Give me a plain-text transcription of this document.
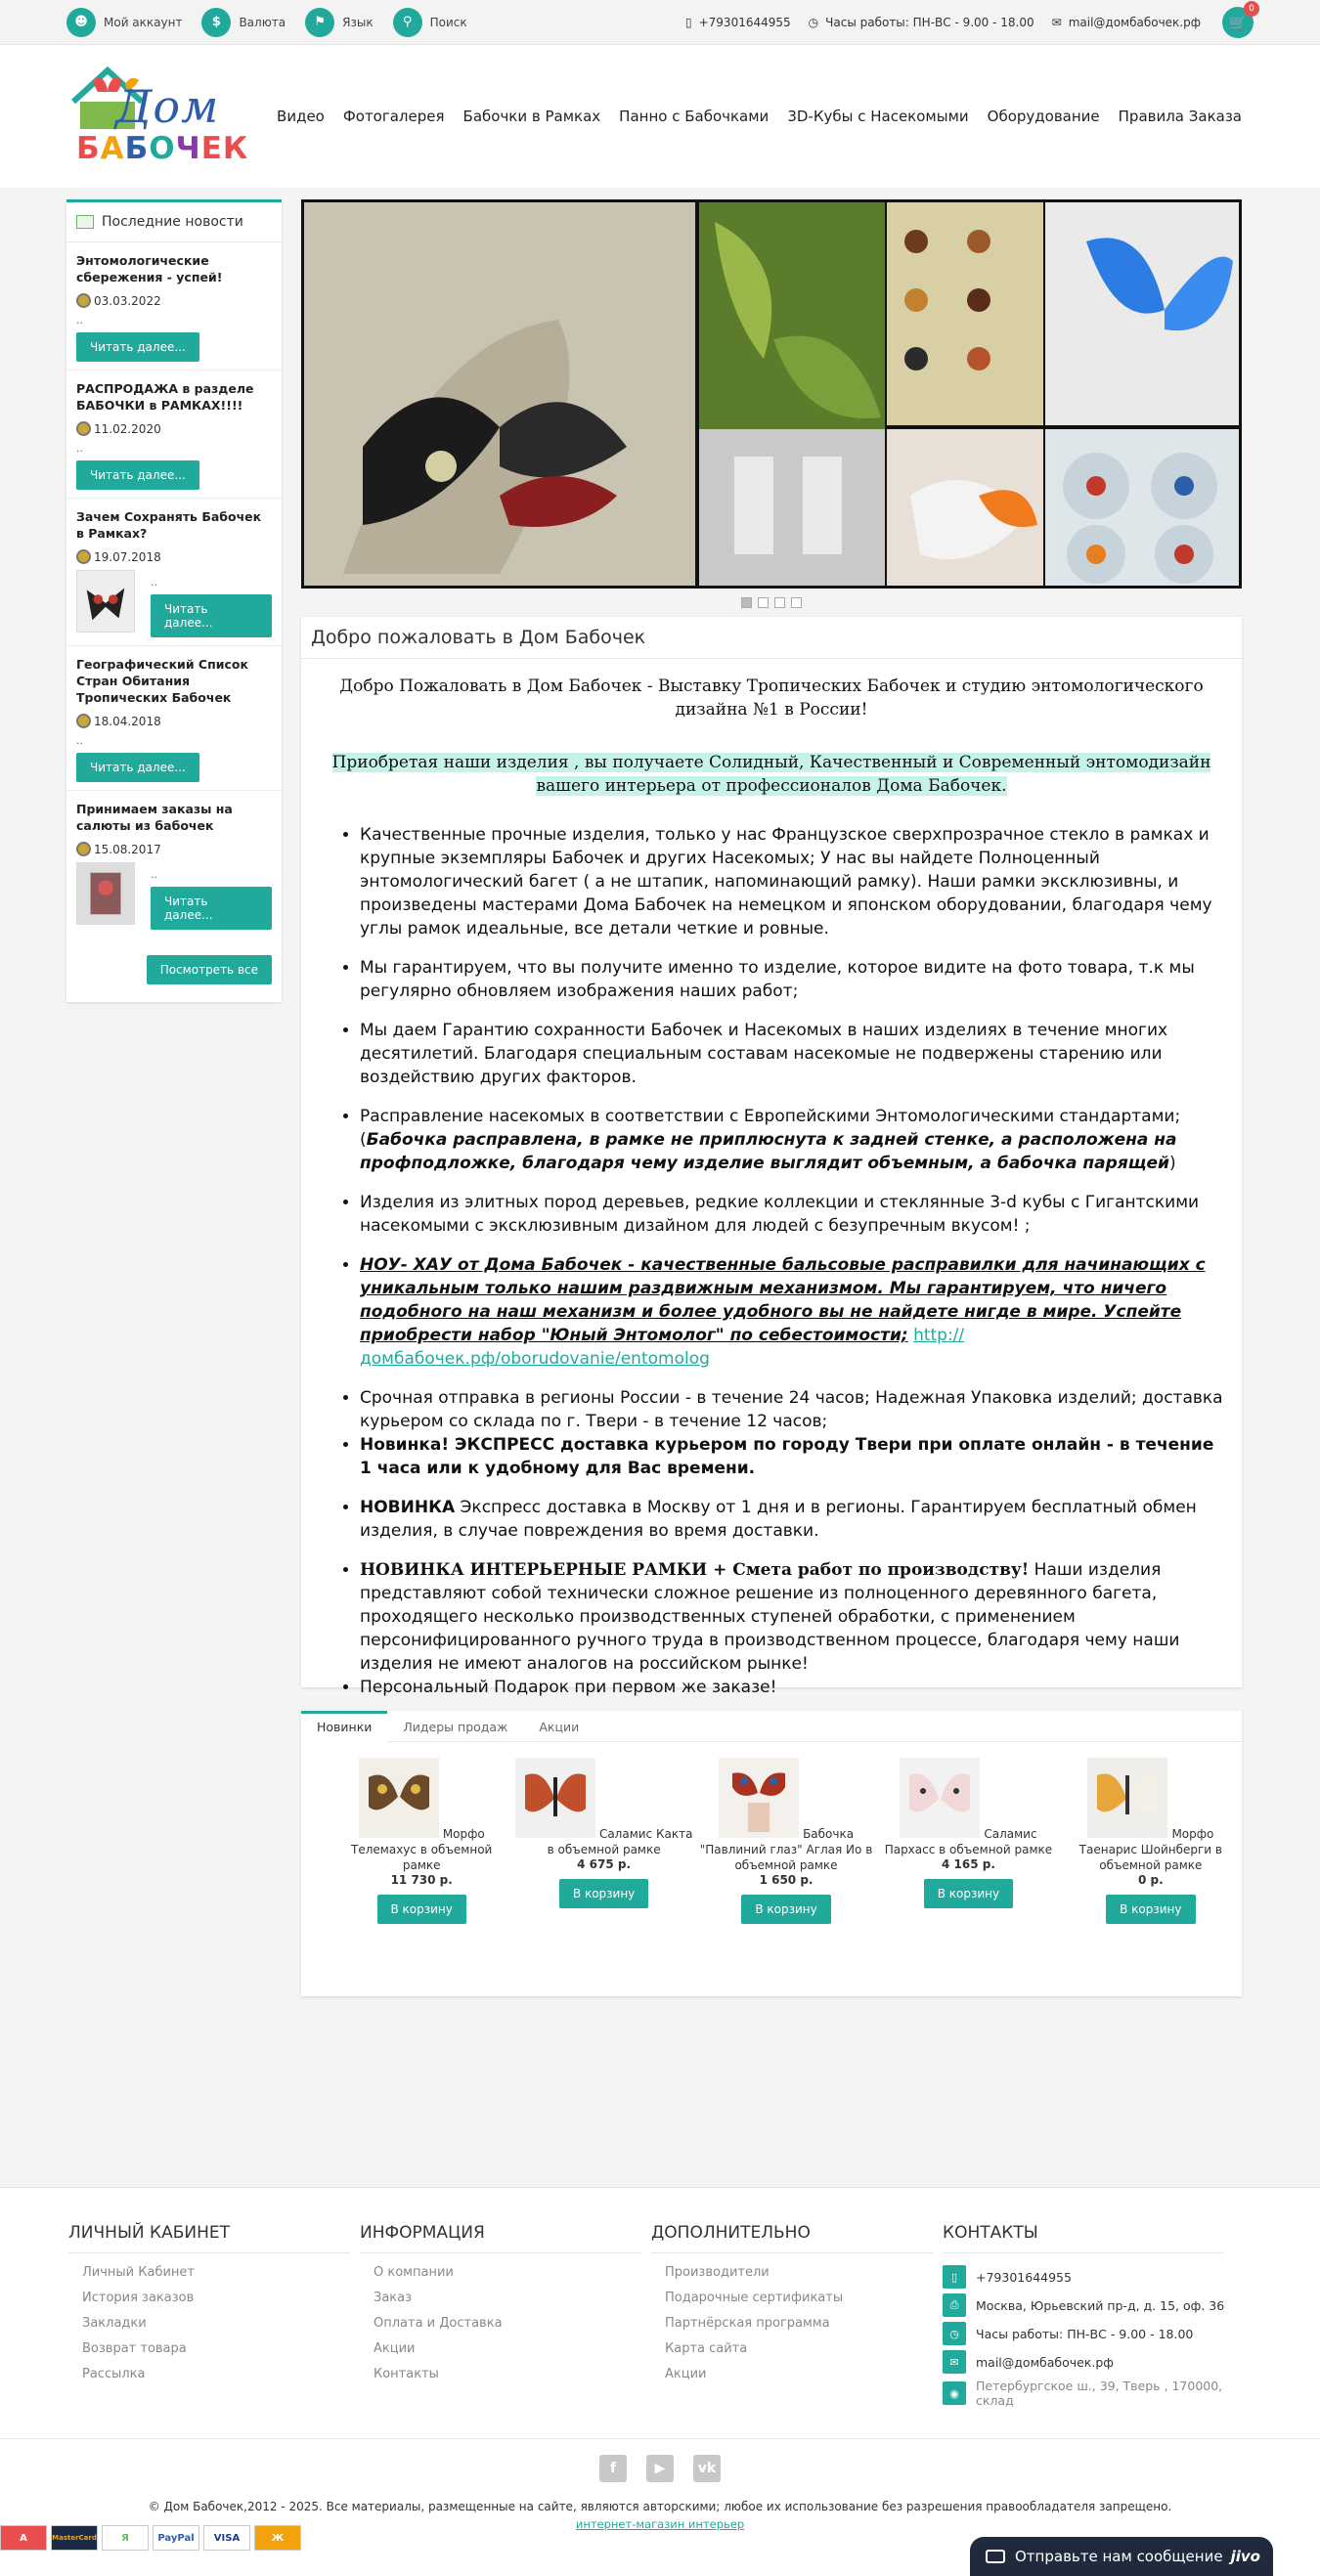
☻	Мой аккаунт	$	Валюта	⚑	Язык	⚲	Поиск	▯ +79301644955 ◷ Часы работы: ПН-ВС - 9.00 - 18.00 ✉ mail@домбабочек.рф 🛒
0
Дом
БАБОЧЕК
Видео Фотогалерея Бабочки в Рамках Панно с Бабочками 3D-Кубы с Насекомыми Оборудование Правила Заказа
Последние новости
Энтомологические сбережения - успей!
03.03.2022
..
Читать далее...
РАСПРОДАЖА в разделе БАБОЧКИ в РАМКАХ!!!!
11.02.2020
..
Читать далее...
Зачем Сохранять Бабочек в Рамках?
19.07.2018
..
Читать далее...
Географический Список Стран Обитания Тропических Бабочек
18.04.2018
..
Читать далее...
Принимаем заказы на салюты из бабочек
15.08.2017
..
Читать далее...
Посмотреть все
Добро пожаловать в Дом Бабочек

Добро Пожаловать в Дом Бабочек - Выставку Тропических Бабочек и студию энтомологического дизайна №1 в России!

Приобретая наши изделия , вы получаете Солидный, Качественный и Современный энтомодизайн вашего интерьера от профессионалов Дома Бабочек.

• Качественные прочные изделия, только у нас Французское сверхпрозрачное стекло в рамках и крупные экземпляры Бабочек и других Насекомых; У нас вы найдете Полноценный энтомологический багет ( а не штапик, напоминающий рамку). Наши рамки эксклюзивны, и произведены мастерами Дома Бабочек на немецком и японском оборудовании, благодаря чему углы рамок идеальные, все детали четкие и ровные.
• Мы гарантируем, что вы получите именно то изделие, которое видите на фото товара, т.к мы регулярно обновляем изображения наших работ;
• Мы даем Гарантию сохранности Бабочек и Насекомых в наших изделиях в течение многих десятилетий. Благодаря специальным составам насекомые не подвержены старению или воздействию других факторов.
• Расправление насекомых в соответствии с Европейскими Энтомологическими стандартами;(Бабочка расправлена, в рамке не приплюснута к задней стенке, а расположена на профподложке, благодаря чему изделие выглядит объемным, а бабочка парящей)
• Изделия из элитных пород деревьев, редкие коллекции и стеклянные 3-d кубы с Гигантскими насекомыми с эксклюзивным дизайном для людей с безупречным вкусом! ;
• НОУ- ХАУ от Дома Бабочек - качественные бальсовые расправилки для начинающих с уникальным только нашим раздвижным механизмом. Мы гарантируем, что ничего подобного на наш механизм и более удобного вы не найдете нигде в мире. Успейте приобрести набор "Юный Энтомолог" по себестоимости; http://домбабочек.рф/oborudovanie/entomolog
• Срочная отправка в регионы России - в течение 24 часов; Надежная Упаковка изделий; доставка курьером со склада по г. Твери - в течение 12 часов;
• Новинка! ЭКСПРЕСС доставка курьером по городу Твери при оплате онлайн - в течение 1 часа или к удобному для Вас времени.
• НОВИНКА Экспресс доставка в Москву от 1 дня и в регионы. Гарантируем бесплатный обмен изделия, в случае повреждения во время доставки.
• НОВИНКА ИНТЕРЬЕРНЫЕ РАМКИ + Смета работ по производству! Наши изделия представляют собой технически сложное решение из полноценного деревянного багета, проходящего несколько производственных ступеней обработки, с применением персонифицированного ручного труда в производственном процессе, благодаря чему наши изделия не имеют аналогов на российском рынке!
• Персональный Подарок при первом же заказе!
Новинки	Лидеры продаж	Акции
Морфо Телемахус в объемной рамке
11 730 р.
В корзину
Саламис Какта в объемной рамке
4 675 р.
В корзину
Бабочка "Павлиний глаз" Аглая Ио в объемной рамке
1 650 р.
В корзину
Саламис Пархасс в объемной рамке
4 165 р.
В корзину
Морфо Таенарис Шойнберги в объемной рамке
0 р.
В корзину
ЛИЧНЫЙ КАБИНЕТ
Личный Кабинет
История заказов
Закладки
Возврат товара
Рассылка
ИНФОРМАЦИЯ
О компании
Заказ
Оплата и Доставка
Акции
Контакты
ДОПОЛНИТЕЛЬНО
Производители
Подарочные сертификаты
Партнёрская программа
Карта сайта
Акции
КОНТАКТЫ
▯	+79301644955
⎙	Москва, Юрьевский пр-д, д. 15, оф. 36
◷	Часы работы: ПН-ВС - 9.00 - 18.00
✉	mail@домбабочек.рф
◉	Петербургское ш., 39, Тверь , 170000, склад
f	▶	vk
© Дом Бабочек,2012 - 2025. Все материалы, размещенные на сайте, являются авторскими; любое их использование без разрешения правообладателя запрещено.
интернет-магазин интерьер
А	MasterCard	Я	PayPal	VISA	Ж
Отправьте нам сообщение jivo
